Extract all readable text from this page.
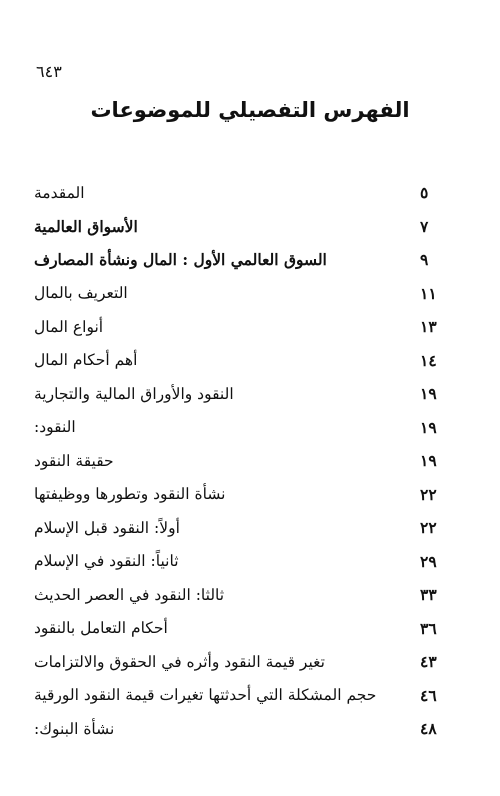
٦٤٣
الفهرس التفصيلي للموضوعات
المقدمة	٥
الأسواق العالمية	٧
السوق العالمي الأول : المال ونشأة المصارف	٩
التعريف بالمال	١١
أنواع المال	١٣
أهم أحكام المال	١٤
النقود والأوراق المالية والتجارية	١٩
النقود:	١٩
حقيقة النقود	١٩
نشأة النقود وتطورها ووظيفتها	٢٢
أولاً: النقود قبل الإسلام	٢٢
ثانياً: النقود في الإسلام	٢٩
ثالثا: النقود في العصر الحديث	٣٣
أحكام التعامل بالنقود	٣٦
تغير قيمة النقود وأثره في الحقوق والالتزامات	٤٣
حجم المشكلة التي أحدثتها تغيرات قيمة النقود الورقية	٤٦
نشأة البنوك:	٤٨
